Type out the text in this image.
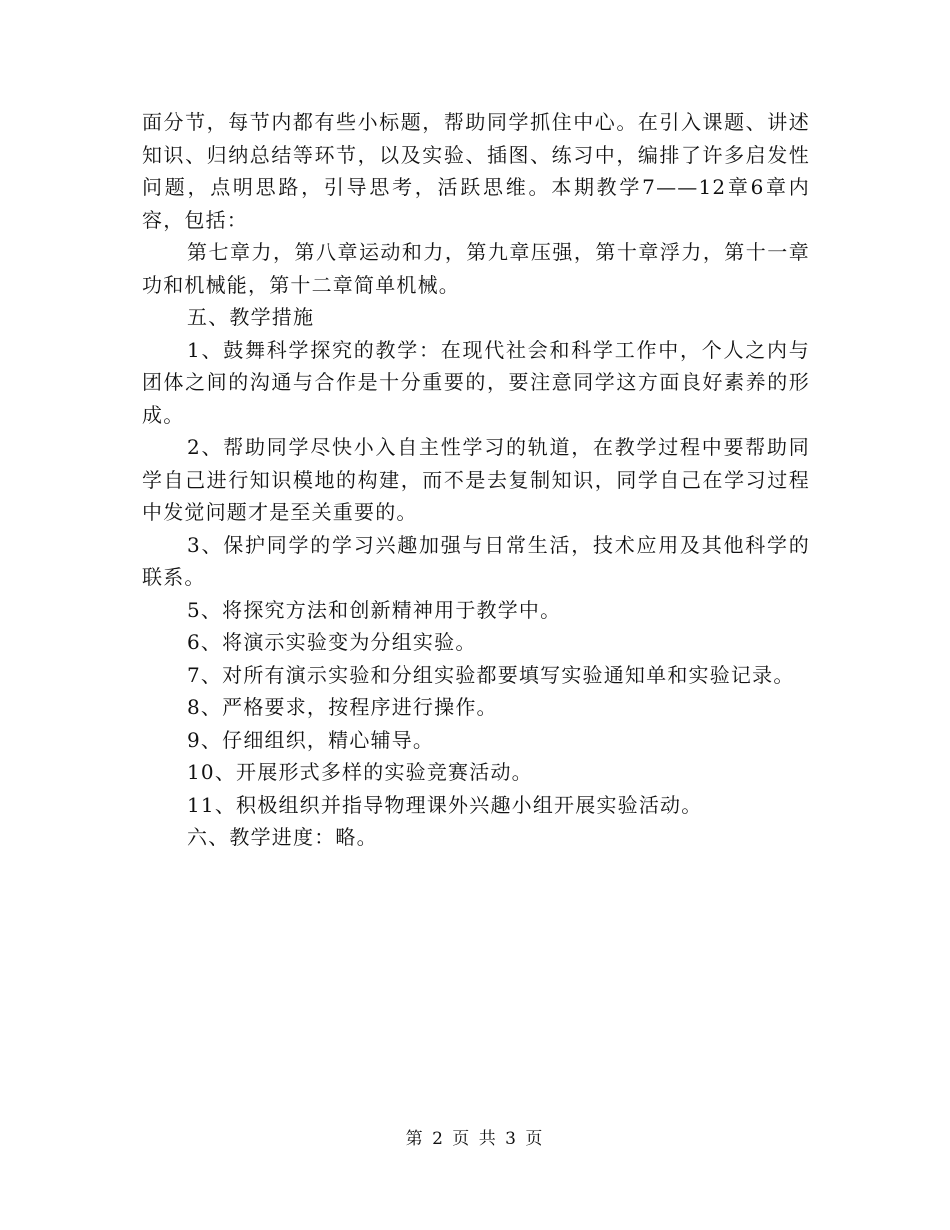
面分节，每节内都有些小标题，帮助同学抓住中心。在引入课题、讲述知识、归纳总结等环节，以及实验、插图、练习中，编排了许多启发性问题，点明思路，引导思考，活跃思维。本期教学7——12章6章内容，包括：

第七章力，第八章运动和力，第九章压强，第十章浮力，第十一章功和机械能，第十二章简单机械。

五、教学措施

1、鼓舞科学探究的教学：在现代社会和科学工作中，个人之内与团体之间的沟通与合作是十分重要的，要注意同学这方面良好素养的形成。

2、帮助同学尽快小入自主性学习的轨道，在教学过程中要帮助同学自己进行知识模地的构建，而不是去复制知识，同学自己在学习过程中发觉问题才是至关重要的。

3、保护同学的学习兴趣加强与日常生活，技术应用及其他科学的联系。

5、将探究方法和创新精神用于教学中。

6、将演示实验变为分组实验。

7、对所有演示实验和分组实验都要填写实验通知单和实验记录。

8、严格要求，按程序进行操作。

9、仔细组织，精心辅导。

10、开展形式多样的实验竞赛活动。

11、积极组织并指导物理课外兴趣小组开展实验活动。

六、教学进度：略。

第 2 页 共 3 页
